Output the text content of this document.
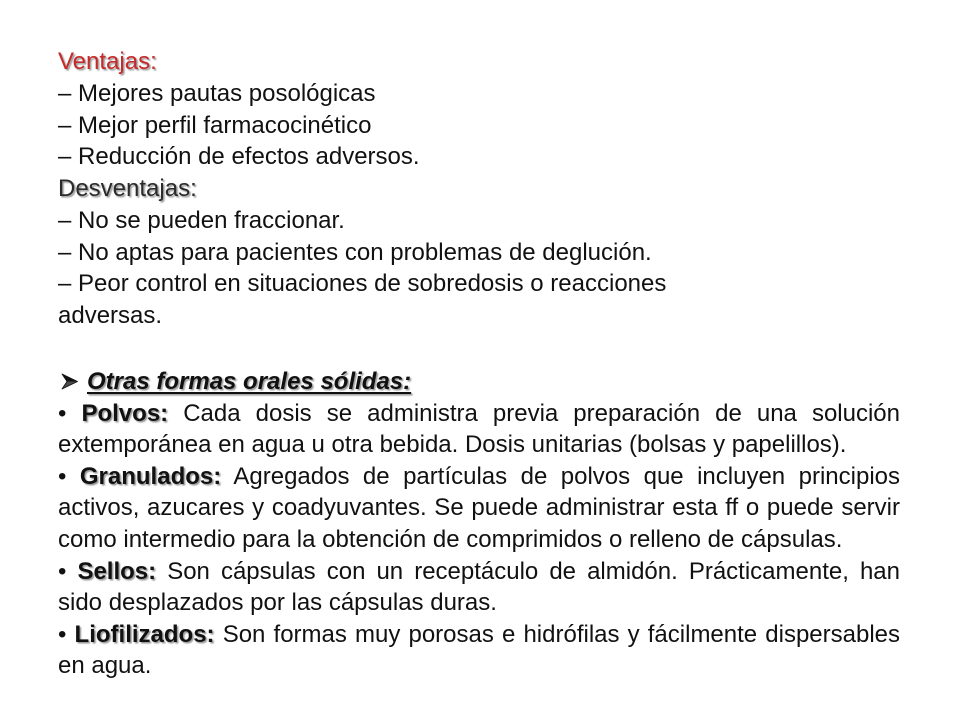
Ventajas:
– Mejores pautas posológicas
– Mejor perfil farmacocinético
– Reducción de efectos adversos.
Desventajas:
– No se pueden fraccionar.
– No aptas para pacientes con problemas de deglución.
– Peor control en situaciones de sobredosis o reacciones adversas.
Otras formas orales sólidas:

• Polvos: Cada dosis se administra previa preparación de una solución extemporánea en agua u otra bebida. Dosis unitarias (bolsas y papelillos).

• Granulados: Agregados de partículas de polvos que incluyen principios activos, azucares y coadyuvantes. Se puede administrar esta ff o puede servir como intermedio para la obtención de comprimidos o relleno de cápsulas.

• Sellos: Son cápsulas con un receptáculo de almidón. Prácticamente, han sido desplazados por las cápsulas duras.

• Liofilizados: Son formas muy porosas e hidrófilas y fácilmente dispersables en agua.
